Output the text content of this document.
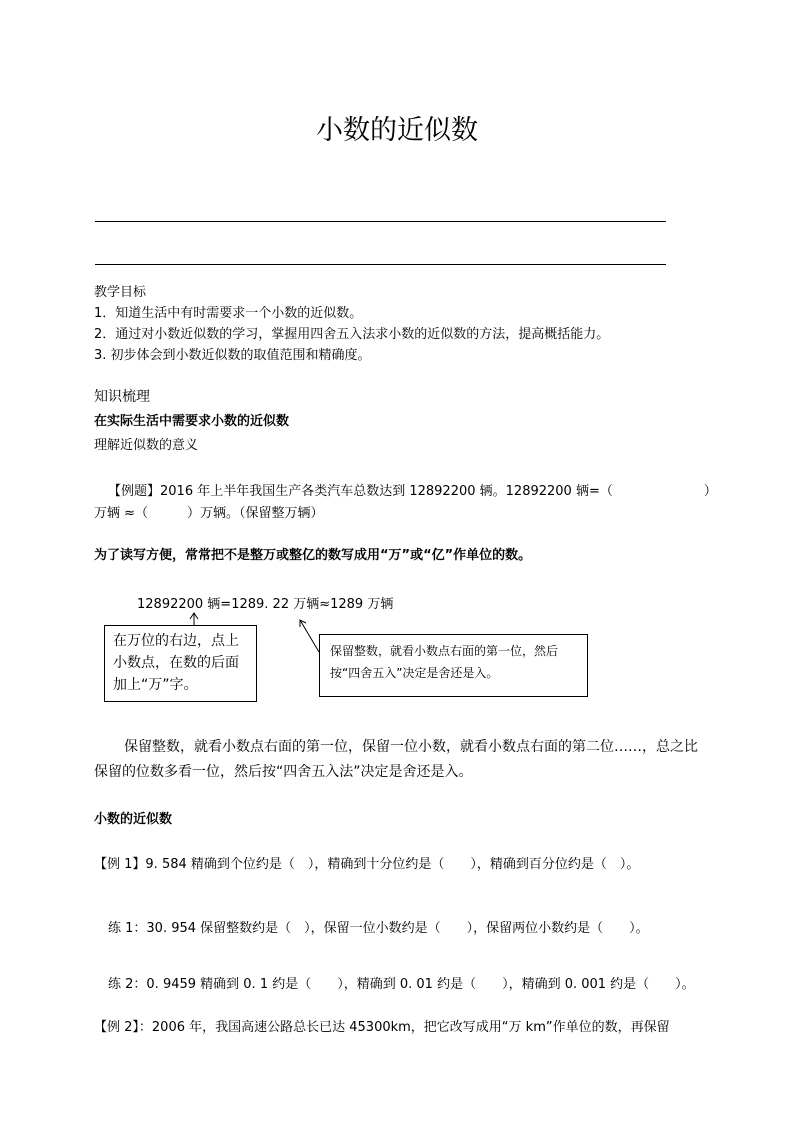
小数的近似数
教学目标
1．知道生活中有时需要求一个小数的近似数。
2．通过对小数近似数的学习，掌握用四舍五入法求小数的近似数的方法，提高概括能力。
3. 初步体会到小数近似数的取值范围和精确度。
知识梳理
在实际生活中需要求小数的近似数
理解近似数的意义
【例题】2016 年上半年我国生产各类汽车总数达到 12892200 辆。12892200 辆=（　　　　　　　）
万辆 ≈（　　　）万辆。（保留整万辆）
为了读写方便，常常把不是整万或整亿的数写成用“万”或“亿”作单位的数。
12892200 辆=1289. 22 万辆≈1289 万辆
在万位的右边，点上小数点，在数的后面加上“万”字。
保留整数，就看小数点右面的第一位，然后按“四舍五入”决定是舍还是入。
保留整数，就看小数点右面的第一位，保留一位小数，就看小数点右面的第二位……，总之比
保留的位数多看一位，然后按“四舍五入法”决定是舍还是入。
小数的近似数
【例 1】9. 584 精确到个位约是（　），精确到十分位约是（　　），精确到百分位约是（　）。
练 1：30. 954 保留整数约是（　），保留一位小数约是（　　），保留两位小数约是（　　）。
练 2：0. 9459 精确到 0. 1 约是（　　），精确到 0. 01 约是（　　），精确到 0. 001 约是（　　）。
【例 2】：2006 年，我国高速公路总长已达 45300km，把它改写成用“万 km”作单位的数，再保留
